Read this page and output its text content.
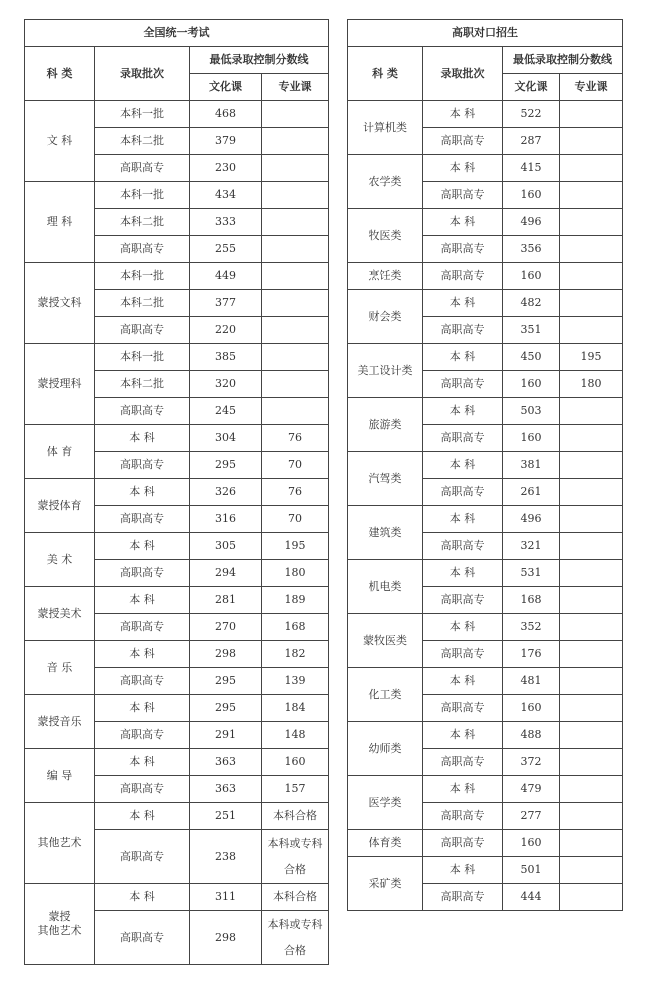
全国统一考试			
科 类	录取批次	最低录取控制分数线	
		文化课	专业课
文 科	本科一批	468	
	本科二批	379	
	高职高专	230	
理 科	本科一批	434	
	本科二批	333	
	高职高专	255	
蒙授文科	本科一批	449	
	本科二批	377	
	高职高专	220	
蒙授理科	本科一批	385	
	本科二批	320	
	高职高专	245	
体 育	本 科	304	76
	高职高专	295	70
蒙授体育	本 科	326	76
	高职高专	316	70
美 术	本 科	305	195
	高职高专	294	180
蒙授美术	本 科	281	189
	高职高专	270	168
音 乐	本 科	298	182
	高职高专	295	139
蒙授音乐	本 科	295	184
	高职高专	291	148
编 导	本 科	363	160
	高职高专	363	157
其他艺术	本 科	251	本科合格
	高职高专	238	本科或专科
合格
蒙授
其他艺术	本 科	311	本科合格
	高职高专	298	本科或专科
合格
高职对口招生			
科 类	录取批次	最低录取控制分数线	
		文化课	专业课
计算机类	本 科	522	
	高职高专	287	
农学类	本 科	415	
	高职高专	160	
牧医类	本 科	496	
	高职高专	356	
烹饪类	高职高专	160	
财会类	本 科	482	
	高职高专	351	
美工设计类	本 科	450	195
	高职高专	160	180
旅游类	本 科	503	
	高职高专	160	
汽驾类	本 科	381	
	高职高专	261	
建筑类	本 科	496	
	高职高专	321	
机电类	本 科	531	
	高职高专	168	
蒙牧医类	本 科	352	
	高职高专	176	
化工类	本 科	481	
	高职高专	160	
幼师类	本 科	488	
	高职高专	372	
医学类	本 科	479	
	高职高专	277	
体育类	高职高专	160	
采矿类	本 科	501	
	高职高专	444	
